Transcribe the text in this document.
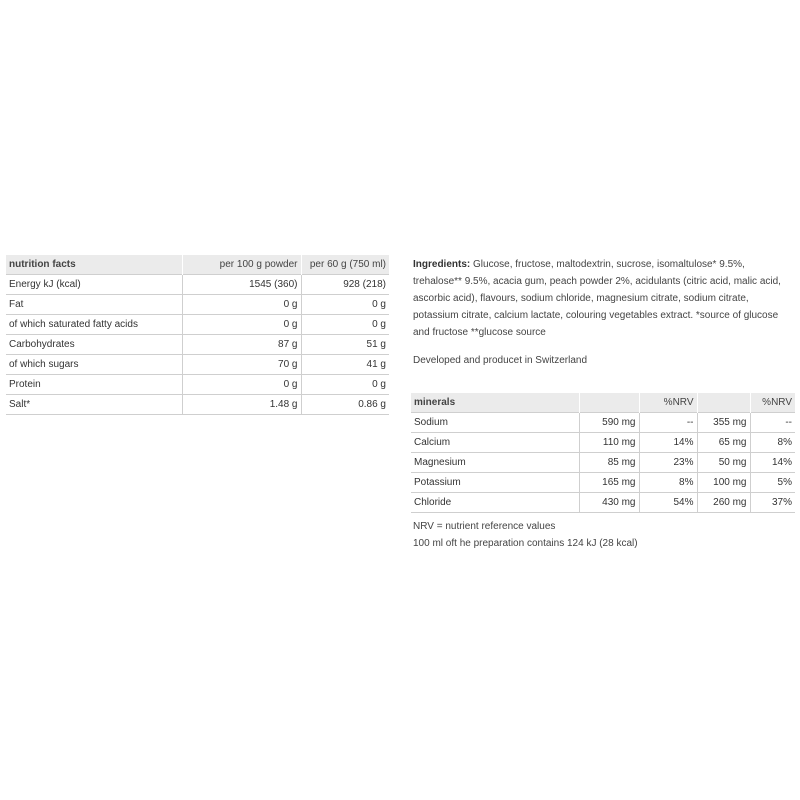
nutrition facts	per 100 g powder	per 60 g (750 ml)
Energy kJ (kcal)	1545 (360)	928 (218)
Fat	0 g	0 g
of which saturated fatty acids	0 g	0 g
Carbohydrates	87 g	51 g
of which sugars	70 g	41 g
Protein	0 g	0 g
Salt*	1.48 g	0.86 g
Ingredients: Glucose, fructose, maltodextrin, sucrose, isomaltulose* 9.5%, trehalose** 9.5%, acacia gum, peach powder 2%, acidulants (citric acid, malic acid, ascorbic acid), flavours, sodium chloride, magnesium citrate, sodium citrate, potassium citrate, calcium lactate, colouring vegetables extract. *source of glucose and fructose **glucose source
Developed and producet in Switzerland
minerals		%NRV		%NRV
Sodium	590 mg	--	355 mg	--
Calcium	110 mg	14%	65 mg	8%
Magnesium	85 mg	23%	50 mg	14%
Potassium	165 mg	8%	100 mg	5%
Chloride	430 mg	54%	260 mg	37%
NRV = nutrient reference values
100 ml oft he preparation contains 124 kJ (28 kcal)
